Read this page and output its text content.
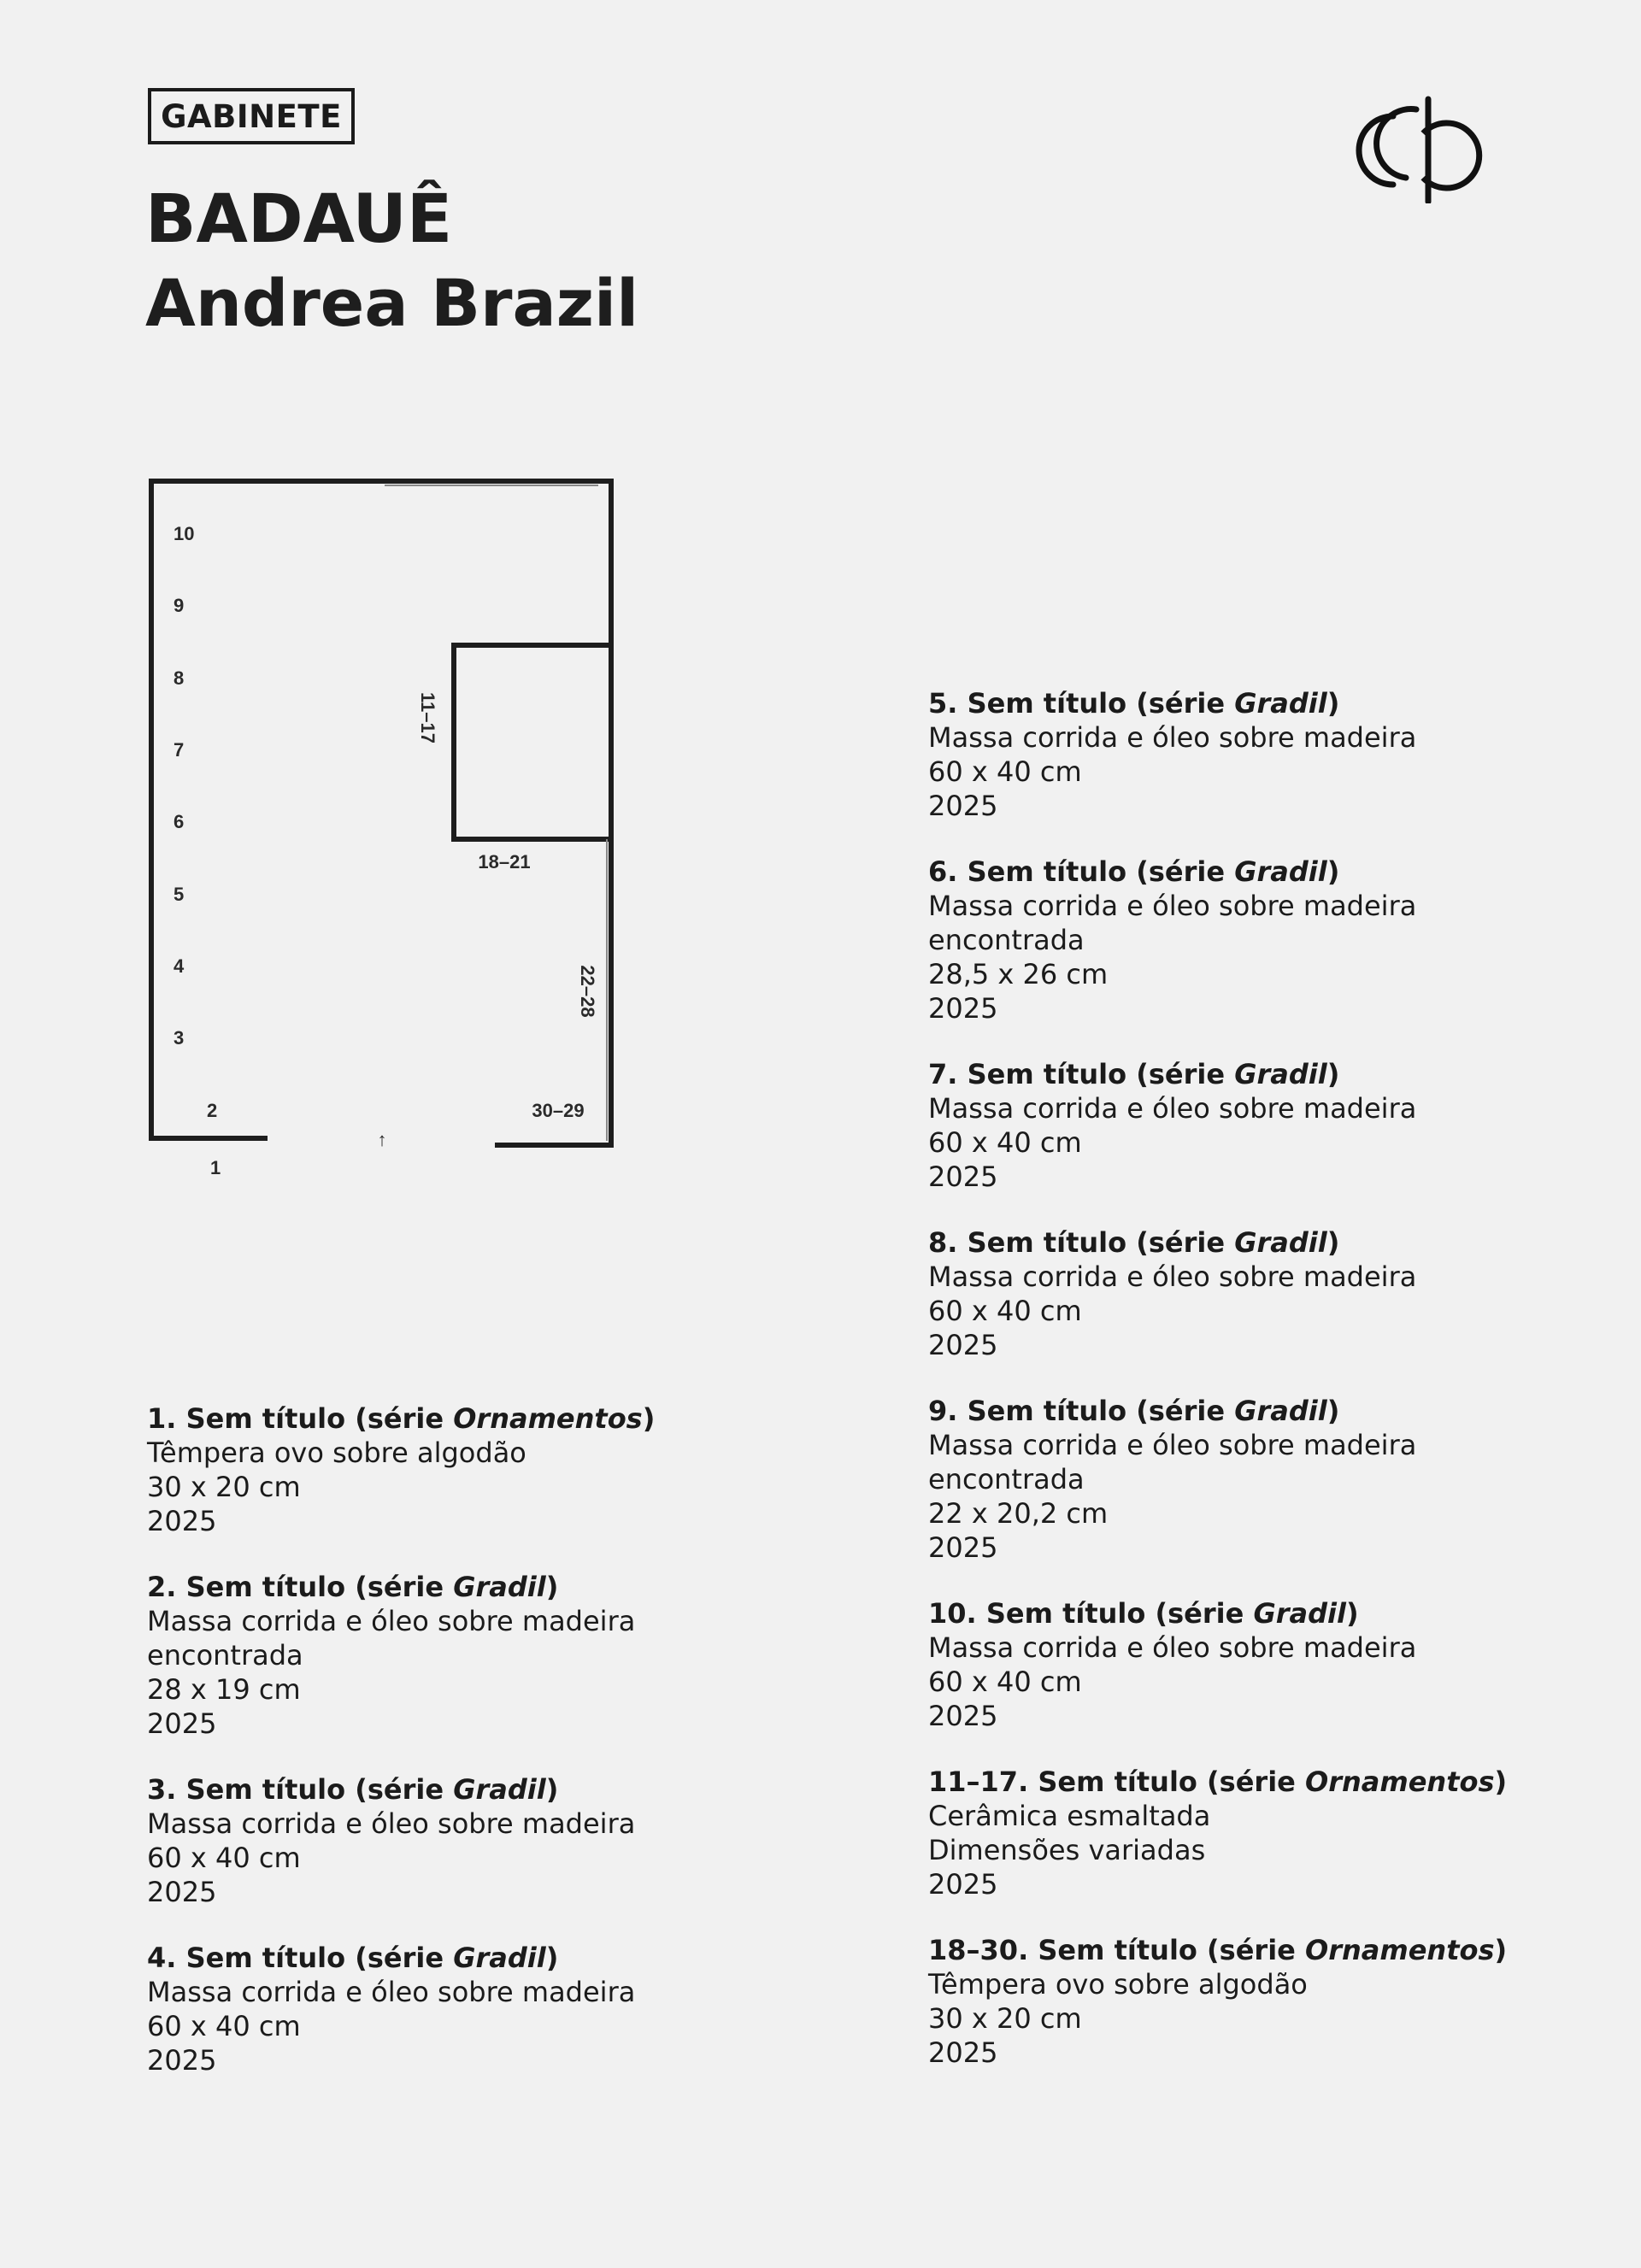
GABINETE
BADAUÊ
Andrea Brazil
10
9
8
7
6
5
4
3
2
1
11–17
18–21
22–28
30–29
↑
1. Sem título (série Ornamentos)
Têmpera ovo sobre algodão
30 x 20 cm
2025
2. Sem título (série Gradil)
Massa corrida e óleo sobre madeira
encontrada
28 x 19 cm
2025
3. Sem título (série Gradil)
Massa corrida e óleo sobre madeira
60 x 40 cm
2025
4. Sem título (série Gradil)
Massa corrida e óleo sobre madeira
60 x 40 cm
2025
5. Sem título (série Gradil)
Massa corrida e óleo sobre madeira
60 x 40 cm
2025
6. Sem título (série Gradil)
Massa corrida e óleo sobre madeira
encontrada
28,5 x 26 cm
2025
7. Sem título (série Gradil)
Massa corrida e óleo sobre madeira
60 x 40 cm
2025
8. Sem título (série Gradil)
Massa corrida e óleo sobre madeira
60 x 40 cm
2025
9. Sem título (série Gradil)
Massa corrida e óleo sobre madeira
encontrada
22 x 20,2 cm
2025
10. Sem título (série Gradil)
Massa corrida e óleo sobre madeira
60 x 40 cm
2025
11–17. Sem título (série Ornamentos)
Cerâmica esmaltada
Dimensões variadas
2025
18–30. Sem título (série Ornamentos)
Têmpera ovo sobre algodão
30 x 20 cm
2025
